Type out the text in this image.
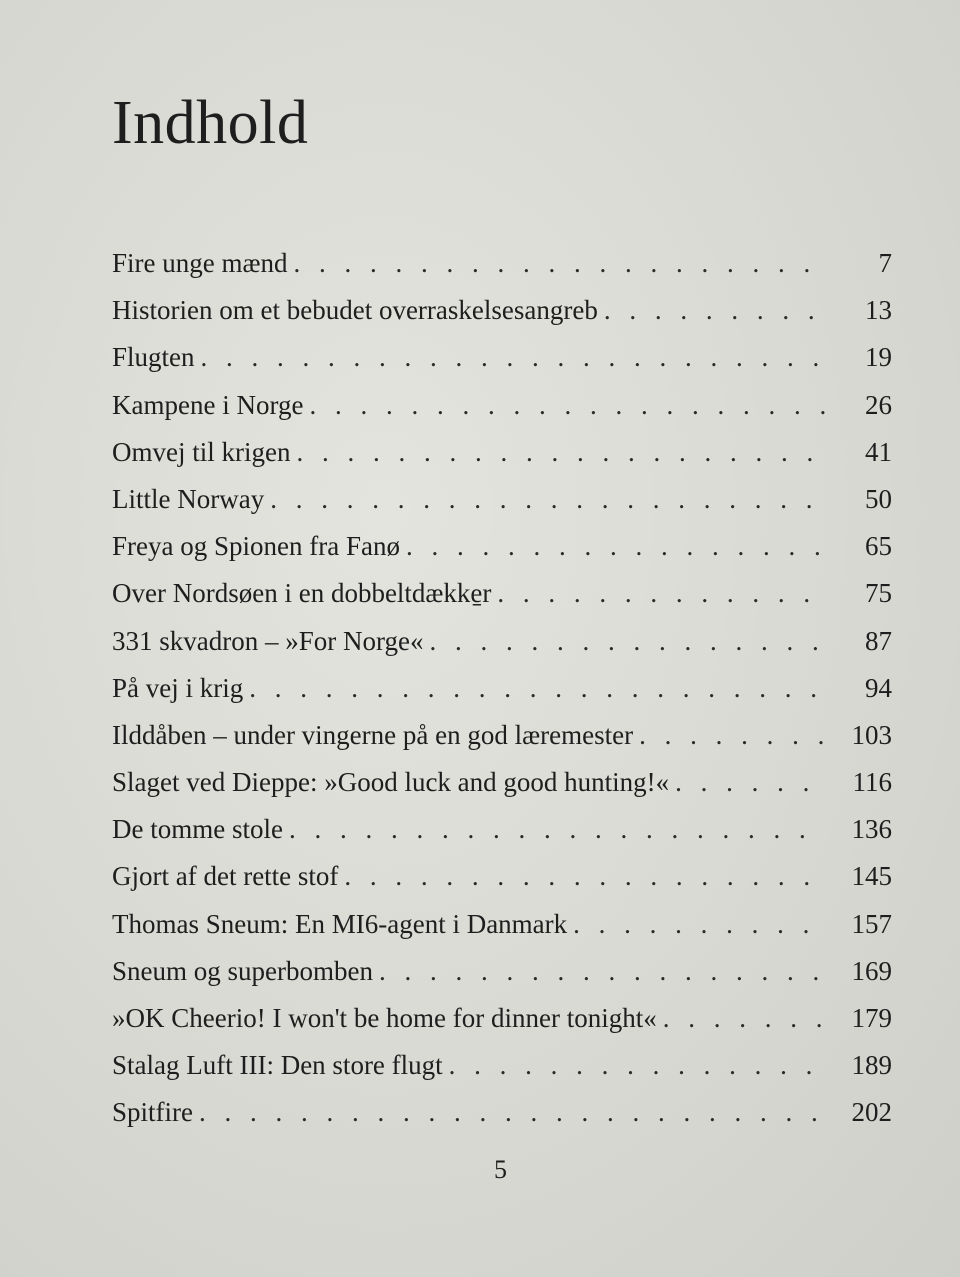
Indhold
Fire unge mænd . . .	7
Historien om et bebudet overraskelsesangreb . . .	13
Flugten . . .	19
Kampene i Norge . . .	26
Omvej til krigen . . .	41
Little Norway . . .	50
Freya og Spionen fra Fanø . . .	65
Over Nordsøen i en dobbeltdække̱r . . .	75
331 skvadron – »For Norge« . . .	87
På vej i krig . . .	94
Ilddåben – under vingerne på en god læremester . . .	103
Slaget ved Dieppe: »Good luck and good hunting!« . . .	116
De tomme stole . . .	136
Gjort af det rette stof . . .	145
Thomas Sneum: En MI6-agent i Danmark . . .	157
Sneum og superbomben . . .	169
»OK Cheerio! I won't be home for dinner tonight« . . .	179
Stalag Luft III: Den store flugt . . .	189
Spitfire . . .	202

5
